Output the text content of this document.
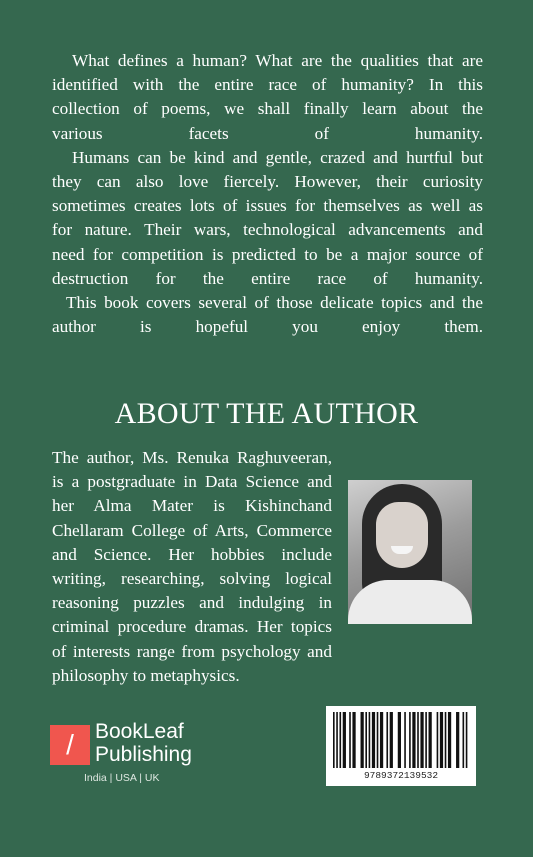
What defines a human? What are the qualities that are

identified with the entire race of humanity? In this

collection of poems, we shall finally learn about the

various facets of humanity.

Humans can be kind and gentle, crazed and hurtful but

they can also love fiercely. However, their curiosity

sometimes creates lots of issues for themselves as well as

for nature. Their wars, technological advancements and

need for competition is predicted to be a major source of

destruction for the entire race of humanity.

This book covers several of those delicate topics and the

author is hopeful you enjoy them.

ABOUT THE AUTHOR

The author, Ms. Renuka Raghuveeran, is a postgraduate in Data Science and her Alma Mater is Kishinchand Chellaram College of Arts, Commerce and Science. Her hobbies include writing, researching, solving logical reasoning puzzles and indulging in criminal procedure dramas. Her topics of interests range from psychology and philosophy to metaphysics.

/	BookLeaf
Publishing
India | USA | UK	9789372139532
